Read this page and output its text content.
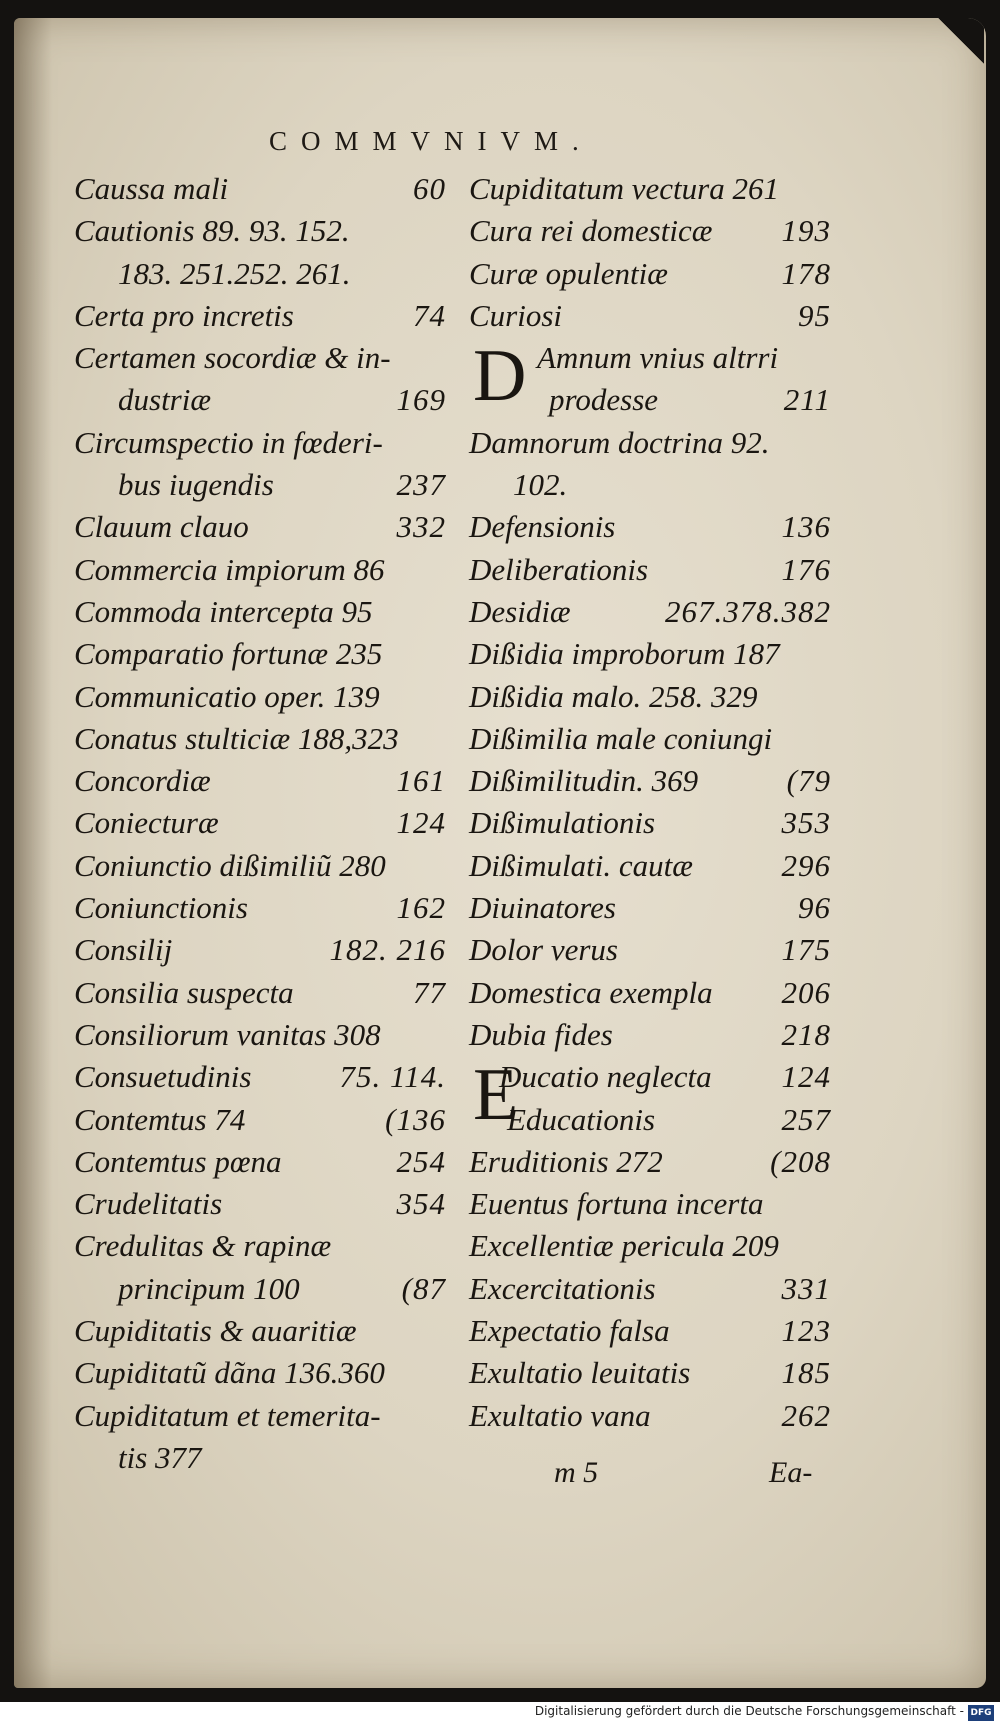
COMMVNIVM.
Caussa mali	60
Cautionis 89. 93. 152.
183. 251.252. 261.
Certa pro incretis	74
Certamen socordiæ & in-
dustriæ	169
Circumspectio in fœderi-
bus iugendis	237
Clauum clauo	332
Commercia impiorum 86
Commoda intercepta 95
Comparatio fortunæ 235
Communicatio oper. 139
Conatus stulticiæ 188,323
Concordiæ	161
Coniecturæ	124
Coniunctio dißimiliũ 280
Coniunctionis	162
Consilij	182. 216
Consilia suspecta	77
Consiliorum vanitas 308
Consuetudinis	75. 114.
Contemtus 74	(136
Contemtus pœna	254
Crudelitatis	354
Credulitas & rapinæ
principum 100	(87
Cupiditatis & auaritiæ
Cupiditatũ dãna 136.360
Cupiditatum et temerita-
tis 377
Cupiditatum vectura 261
Cura rei domesticæ 193
Curæ opulentiæ	178
Curiosi	95
D Amnum vnius altrri
prodesse	211
Damnorum doctrina 92.
102.
Defensionis	136
Deliberationis	176
Desidiæ	267.378.382
Dißidia improborum 187
Dißidia malo. 258. 329
Dißimilia male coniungi
Dißimilitudin. 369	(79
Dißimulationis	353
Dißimulati. cautæ	296
Diuinatores	96
Dolor verus	175
Domestica exempla 206
Dubia fides	218
E
Ducatio neglecta 124
Educationis	257
Eruditionis 272	(208
Euentus fortuna incerta
Excellentiæ pericula 209
Excercitationis	331
Expectatio falsa	123
Exultatio leuitatis	185
Exultatio vana	262
m 5	Ea-
Digitalisierung gefördert durch die Deutsche Forschungsgemeinschaft - DFG
